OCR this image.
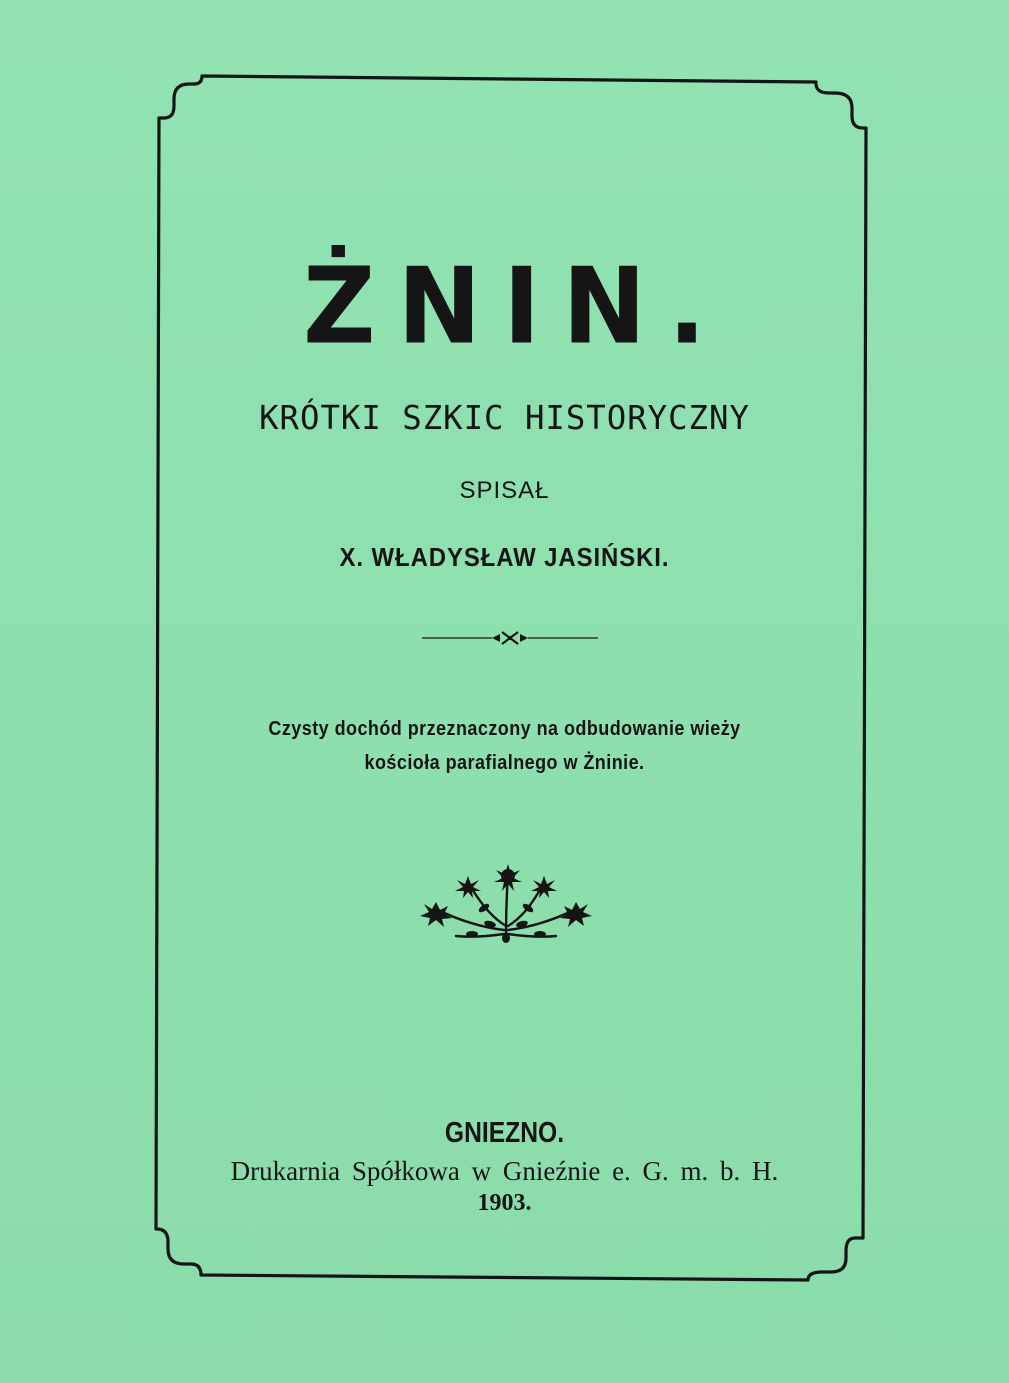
ŻNIN.
KRÓTKI SZKIC HISTORYCZNY
SPISAŁ
X. WŁADYSŁAW JASIŃSKI.
Czysty dochód przeznaczony na odbudowanie wieży
kościoła parafialnego w Żninie.
GNIEZNO.
Drukarnia Spółkowa w Gnieźnie e. G. m. b. H.
1903.
